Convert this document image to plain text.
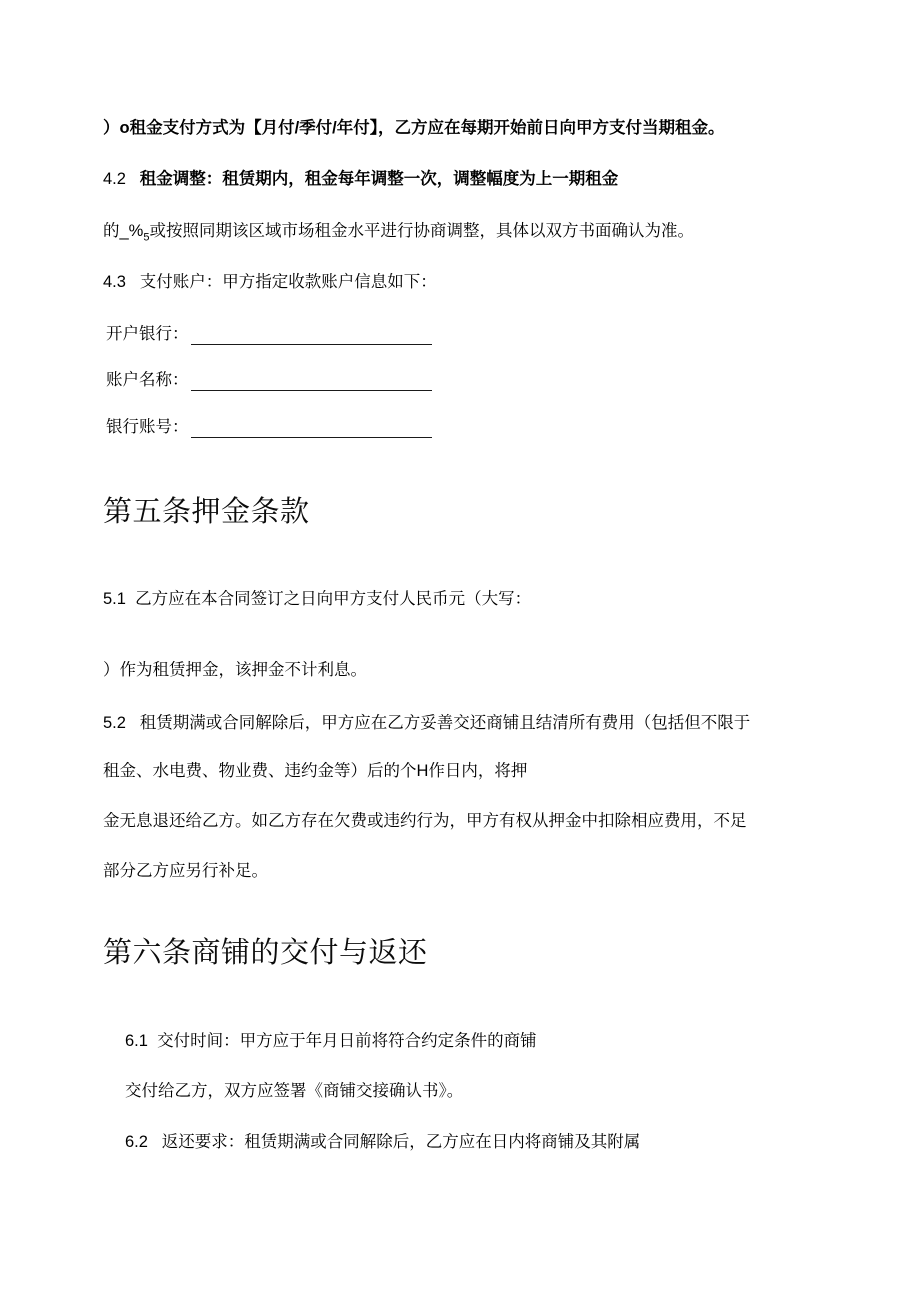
）o租金支付方式为【月付/季付/年付】，乙方应在每期开始前日向甲方支付当期租金。
4.2 租金调整：租赁期内，租金每年调整一次，调整幅度为上一期租金
的$\_\%_5$或按照同期该区域市场租金水平进行协商调整，具体以双方书面确认为准。
4.3 支付账户：甲方指定收款账户信息如下：
开户银行：
账户名称：
银行账号：
第五条押金条款
5.1 乙方应在本合同签订之日向甲方支付人民币元（大写：
）作为租赁押金，该押金不计利息。
5.2 租赁期满或合同解除后，甲方应在乙方妥善交还商铺且结清所有费用（包括但不限于
租金、水电费、物业费、违约金等）后的个H作日内，将押
金无息退还给乙方。如乙方存在欠费或违约行为，甲方有权从押金中扣除相应费用，不足
部分乙方应另行补足。
第六条商铺的交付与返还
6.1 交付时间：甲方应于年月日前将符合约定条件的商铺
交付给乙方，双方应签署《商铺交接确认书》。
6.2 返还要求：租赁期满或合同解除后，乙方应在日内将商铺及其附属
